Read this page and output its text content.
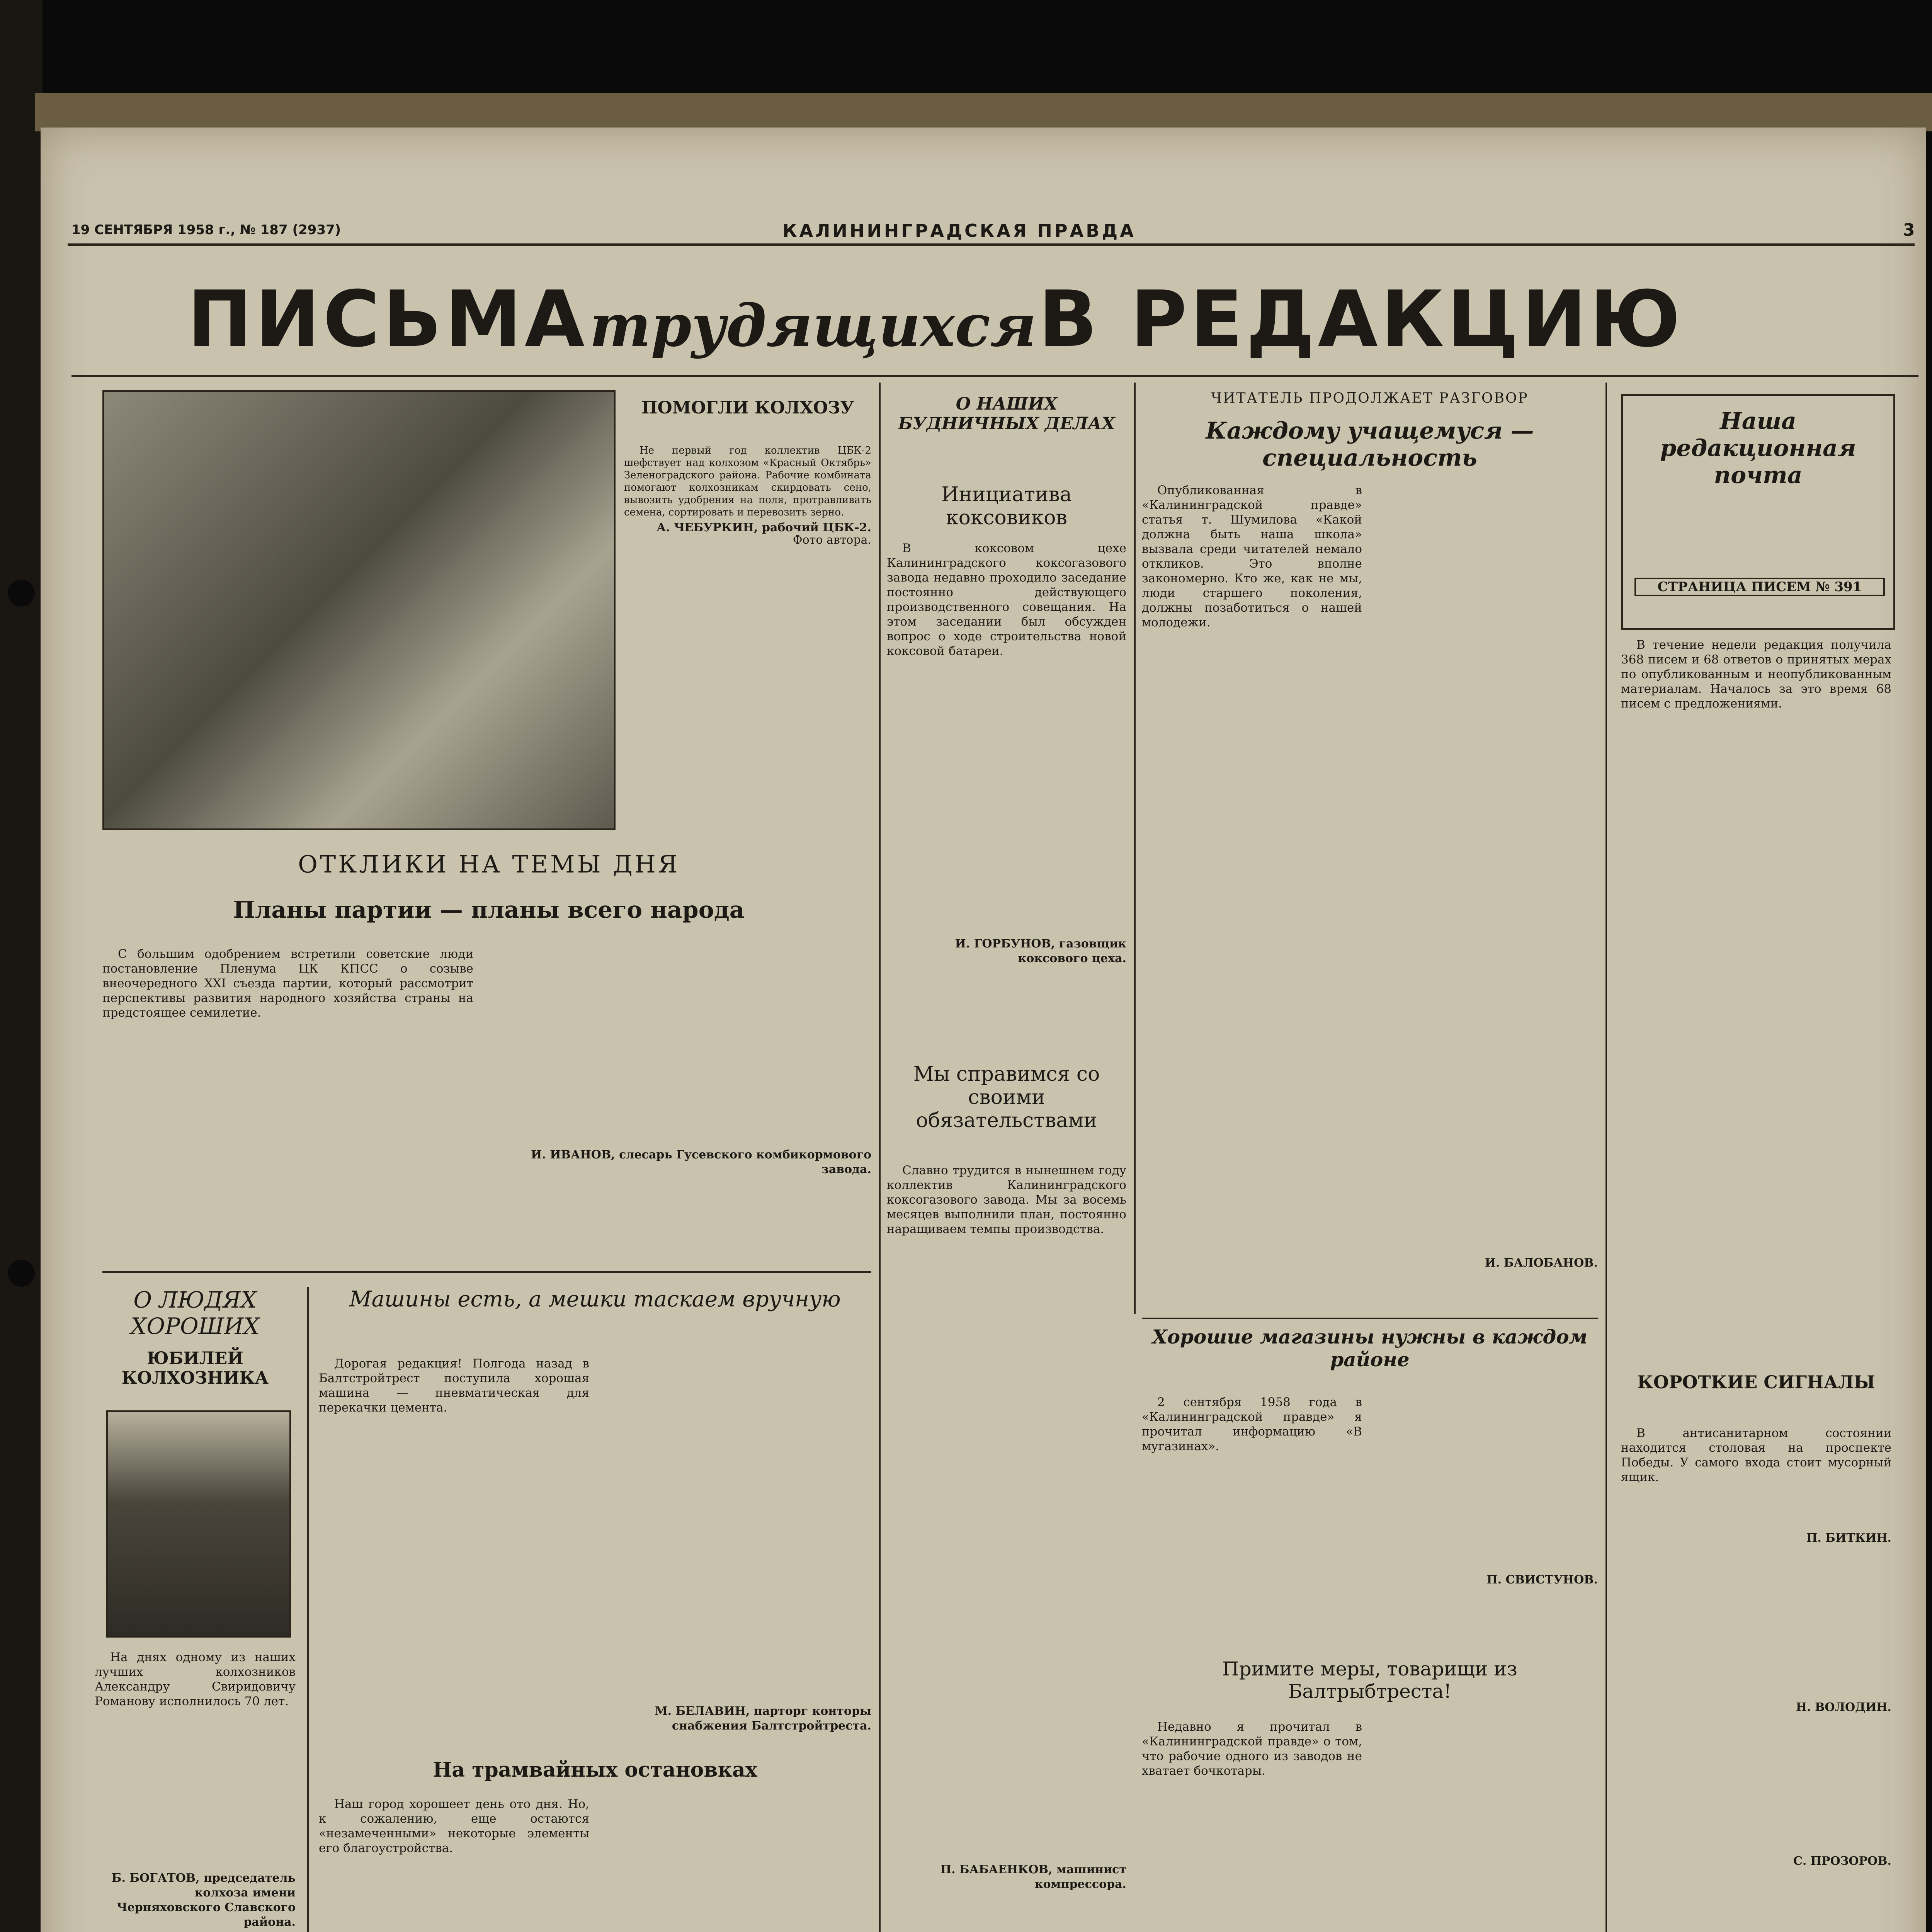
19 СЕНТЯБРЯ 1958 г., № 187 (2937)	КАЛИНИНГРАДСКАЯ ПРАВДА	3
ПИСЬМА трудящихся В РЕДАКЦИЮ
ПОМОГЛИ КОЛХОЗУ

Не первый год коллектив ЦБК-2 шефствует над колхозом «Красный Октябрь» Зеленоградского района. Рабочие комбината помогают колхозникам скирдовать сено, вывозить удобрения на поля, протравливать семена, сортировать и перевозить зерно.

А. ЧЕБУРКИН, рабочий ЦБК-2.
Фото автора.
ОТКЛИКИ НА ТЕМЫ ДНЯ
Планы партии — планы всего народа

С большим одобрением встретили советские люди постановление Пленума ЦК КПСС о созыве внеочередного XXI съезда партии, который рассмотрит перспективы развития народного хозяйства страны на предстоящее семилетие.

И. ИВАНОВ, слесарь Гусевского комбикормового завода.
О ЛЮДЯХ ХОРОШИХ
ЮБИЛЕЙ КОЛХОЗНИКА

На днях одному из наших лучших колхозников Александру Свиридовичу Романову исполнилось 70 лет.

Б. БОГАТОВ, председатель колхоза имени Черняховского Славского района.

Машины есть, а мешки таскаем вручную

Дорогая редакция! Полгода назад в Балтстройтрест поступила хорошая машина — пневматическая для перекачки цемента.

М. БЕЛАВИН, парторг конторы снабжения Балтстройтреста.
На трамвайных остановках

Наш город хорошеет день ото дня. Но, к сожалению, еще остаются «незамеченными» некоторые элементы его благоустройства.

О НАШИХ БУДНИЧНЫХ ДЕЛАХ
Инициатива коксовиков

В коксовом цехе Калининградского коксогазового завода недавно проходило заседание постоянно действующего производственного совещания. На этом заседании был обсужден вопрос о ходе строительства новой коксовой батареи.

И. ГОРБУНОВ, газовщик коксового цеха.
Мы справимся со своими обязательствами

Славно трудится в нынешнем году коллектив Калининградского коксогазового завода. Мы за восемь месяцев выполнили план, постоянно наращиваем темпы производства.

П. БАБАЕНКОВ, машинист компрессора.
ЧИТАТЕЛЬ ПРОДОЛЖАЕТ РАЗГОВОР
Каждому учащемуся — специальность

Опубликованная в «Калининградской правде» статья т. Шумилова «Какой должна быть наша школа» вызвала среди читателей немало откликов. Это вполне закономерно. Кто же, как не мы, люди старшего поколения, должны позаботиться о нашей молодежи.

И. БАЛОБАНОВ.
Хорошие магазины нужны в каждом районе

2 сентября 1958 года в «Калининградской правде» я прочитал информацию «В мугазинах».

П. СВИСТУНОВ.
Примите меры, товарищи из Балтрыбтреста!

Недавно я прочитал в «Калининградской правде» о том, что рабочие одного из заводов не хватает бочкотары.

Наша редакционная почта
СТРАНИЦА ПИСЕМ № 391

В течение недели редакция получила 368 писем и 68 ответов о принятых мерах по опубликованным и неопубликованным материалам. Началось за это время 68 писем с предложениями.

КОРОТКИЕ СИГНАЛЫ

В антисанитарном состоянии находится столовая на проспекте Победы. У самого входа стоит мусорный ящик.

П. БИТКИН.
Н. ВОЛОДИН.
С. ПРОЗОРОВ.
